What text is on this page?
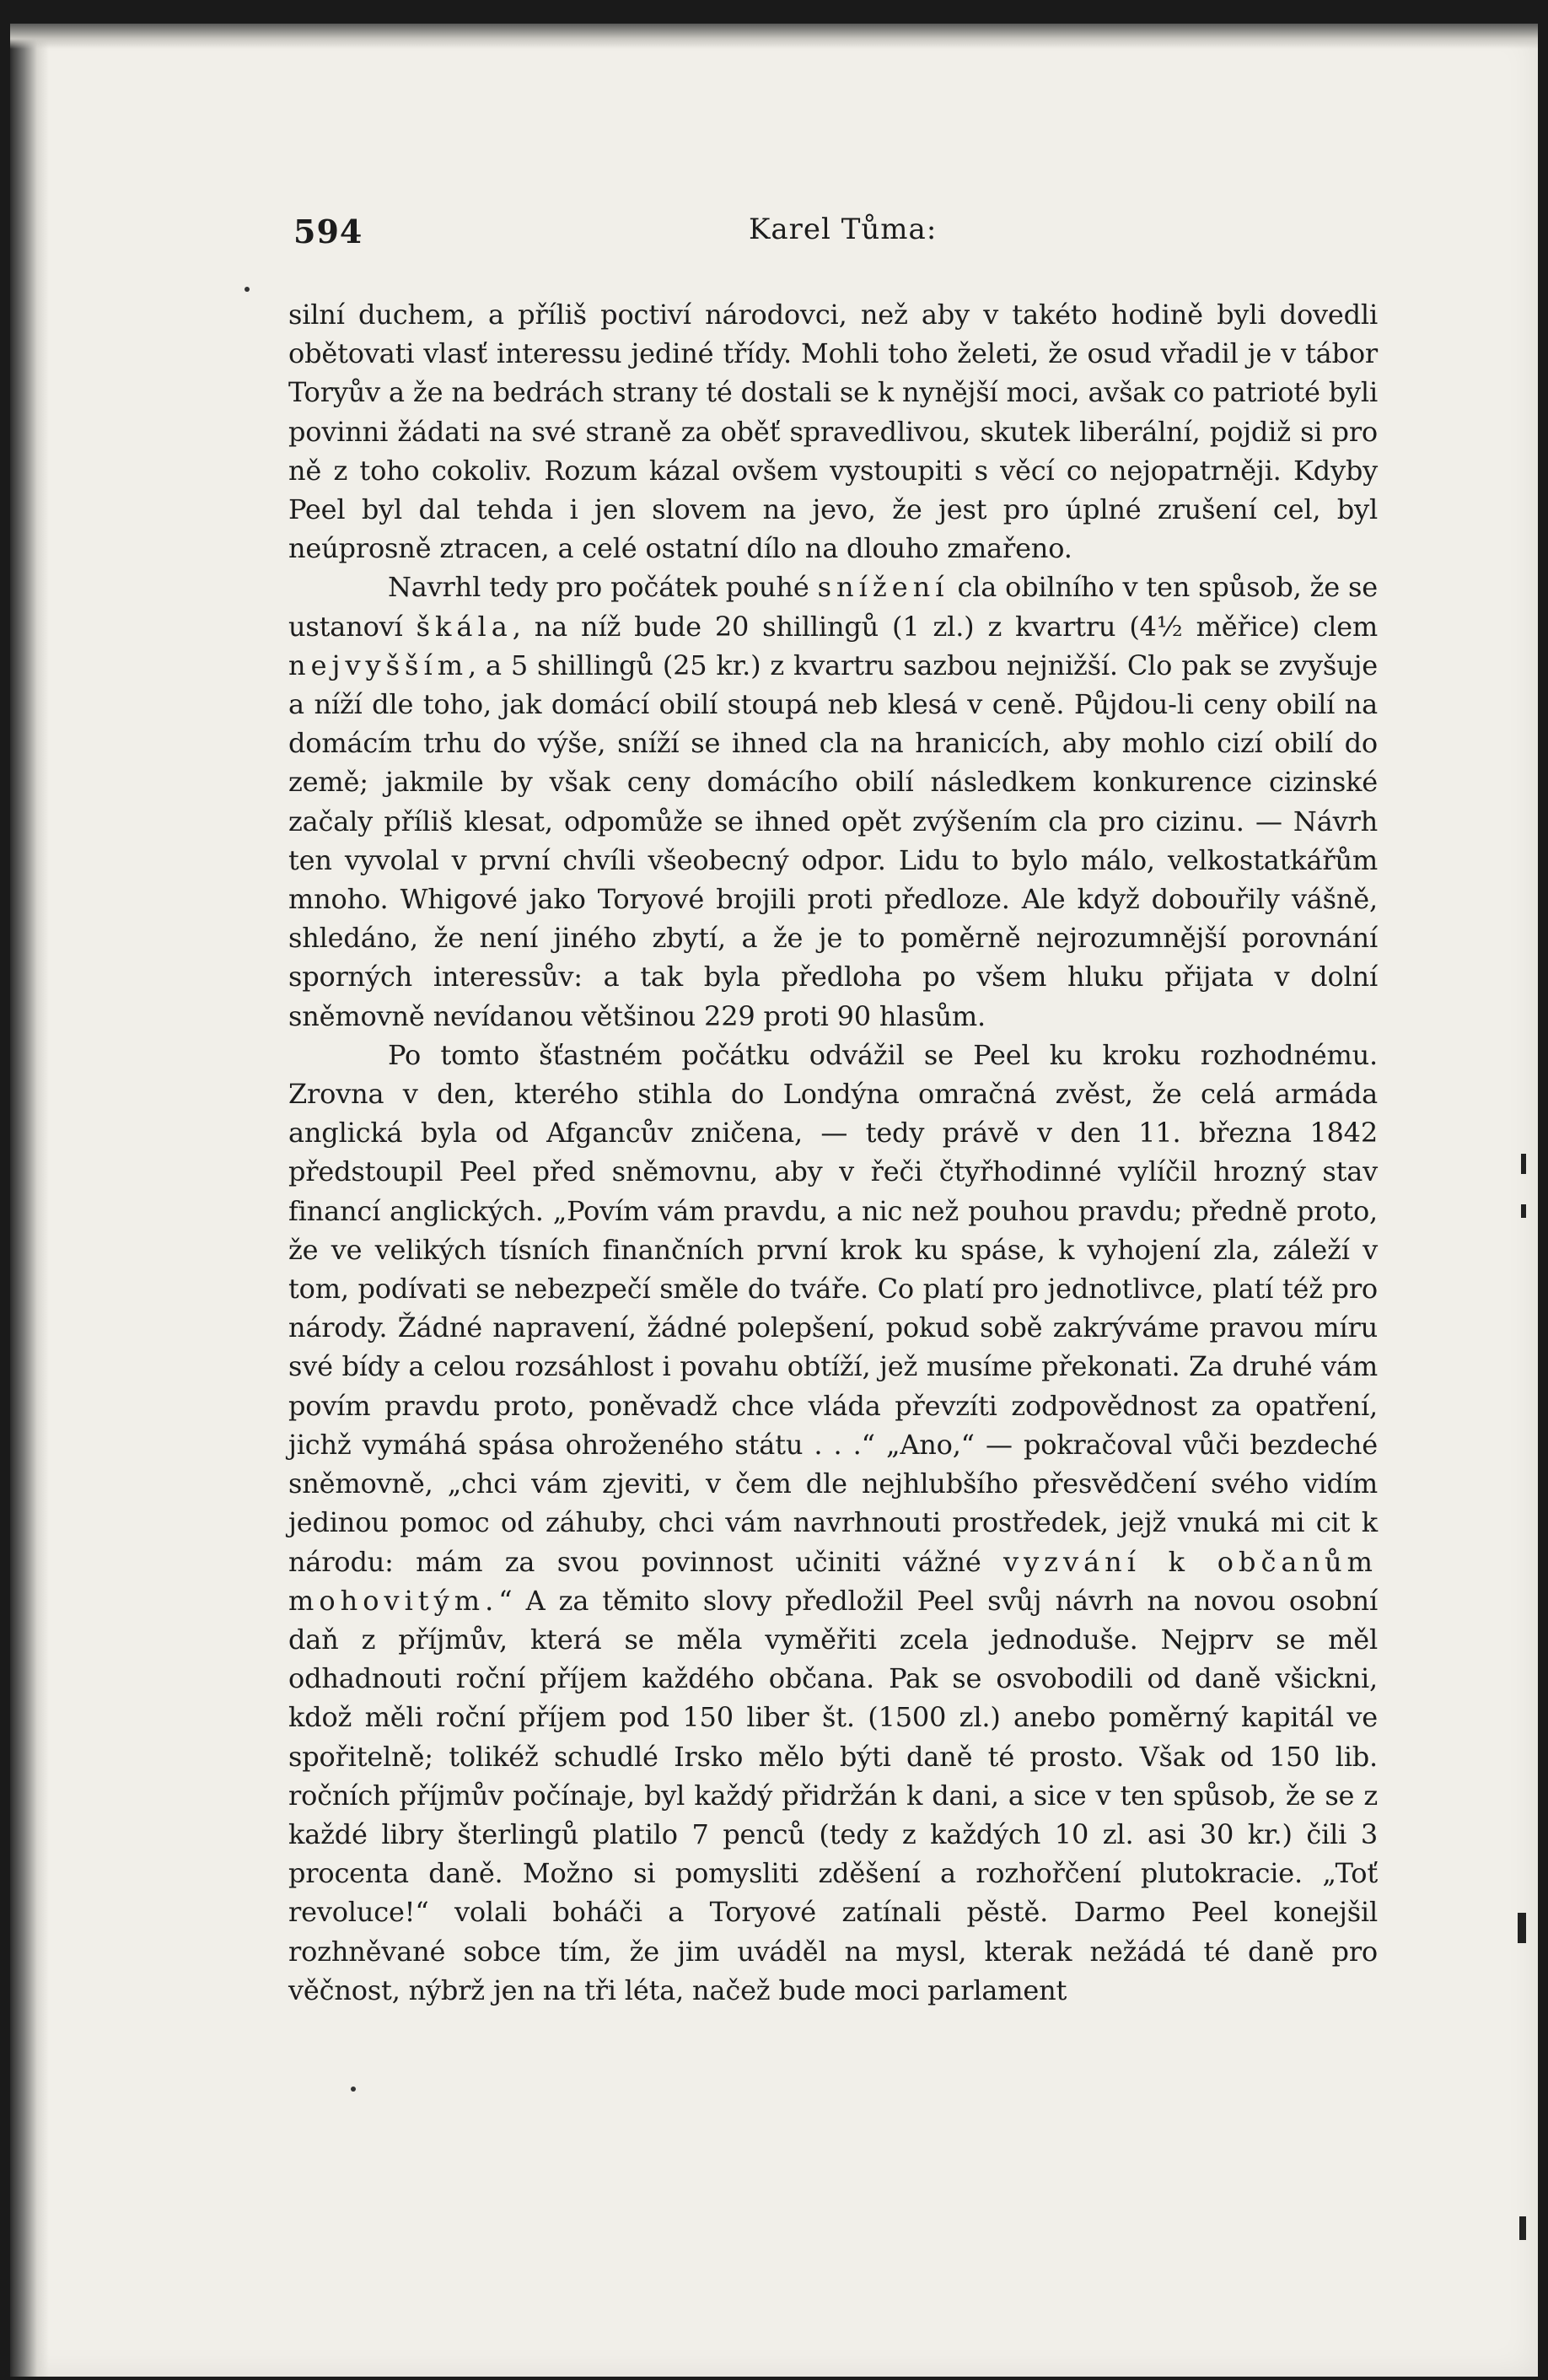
594	Karel Tůma:

silní duchem, a příliš poctiví národovci, než aby v takéto hodině byli dovedli obětovati vlasť interessu jediné třídy. Mohli toho želeti, že osud vřadil je v tábor Toryův a že na bedrách strany té dostali se k nynější moci, avšak co patrioté byli povinni žádati na své straně za oběť spravedlivou, skutek liberální, pojdiž si pro ně z toho cokoliv. Rozum kázal ovšem vystoupiti s věcí co nejopatrněji. Kdyby Peel byl dal tehda i jen slovem na jevo, že jest pro úplné zrušení cel, byl neúprosně ztracen, a celé ostatní dílo na dlouho zmařeno.

Navrhl tedy pro počátek pouhé snížení cla obilního v ten spůsob, že se ustanoví škála, na níž bude 20 shillingů (1 zl.) z kvartru (4½ měřice) clem nejvyšším, a 5 shillingů (25 kr.) z kvartru sazbou nejnižší. Clo pak se zvyšuje a níží dle toho, jak domácí obilí stoupá neb klesá v ceně. Půjdou-li ceny obilí na domácím trhu do výše, sníží se ihned cla na hranicích, aby mohlo cizí obilí do země; jakmile by však ceny domácího obilí následkem konkurence cizinské začaly příliš klesat, odpomůže se ihned opět zvýšením cla pro cizinu. — Návrh ten vyvolal v první chvíli všeobecný odpor. Lidu to bylo málo, velkostatkářům mnoho. Whigové jako Toryové brojili proti předloze. Ale když dobouřily vášně, shledáno, že není jiného zbytí, a že je to poměrně nejrozumnější porovnání sporných interessův: a tak byla předloha po všem hluku přijata v dolní sněmovně nevídanou většinou 229 proti 90 hlasům.

Po tomto šťastném počátku odvážil se Peel ku kroku rozhodnému. Zrovna v den, kterého stihla do Londýna omračná zvěst, že celá armáda anglická byla od Afgancův zničena, — tedy právě v den 11. března 1842 předstoupil Peel před sněmovnu, aby v řeči čtyřhodinné vylíčil hrozný stav financí anglických. „Povím vám pravdu, a nic než pouhou pravdu; předně proto, že ve velikých tísních finančních první krok ku spáse, k vyhojení zla, záleží v tom, podívati se nebezpečí směle do tváře. Co platí pro jednotlivce, platí též pro národy. Žádné napravení, žádné polepšení, pokud sobě zakrýváme pravou míru své bídy a celou rozsáhlost i povahu obtíží, jež musíme překonati. Za druhé vám povím pravdu proto, poněvadž chce vláda převzíti zodpovědnost za opatření, jichž vymáhá spása ohroženého státu . . .“ „Ano,“ — pokračoval vůči bezdeché sněmovně, „chci vám zjeviti, v čem dle nejhlubšího přesvědčení svého vidím jedinou pomoc od záhuby, chci vám navrhnouti prostředek, jejž vnuká mi cit k národu: mám za svou povinnost učiniti vážné vyzvání k občanům mohovitým.“ A za těmito slovy předložil Peel svůj návrh na novou osobní daň z příjmův, která se měla vyměřiti zcela jednoduše. Nejprv se měl odhadnouti roční příjem každého občana. Pak se osvobodili od daně všickni, kdož měli roční příjem pod 150 liber št. (1500 zl.) anebo poměrný kapitál ve spořitelně; tolikéž schudlé Irsko mělo býti daně té prosto. Však od 150 lib. ročních příjmův počínaje, byl každý přidržán k dani, a sice v ten spůsob, že se z každé libry šterlingů platilo 7 penců (tedy z každých 10 zl. asi 30 kr.) čili 3 procenta daně. Možno si pomysliti zděšení a rozhořčení plutokracie. „Toť revoluce!“ volali boháči a Toryové zatínali pěstě. Darmo Peel konejšil rozhněvané sobce tím, že jim uváděl na mysl, kterak nežádá té daně pro věčnost, nýbrž jen na tři léta, načež bude moci parlament
